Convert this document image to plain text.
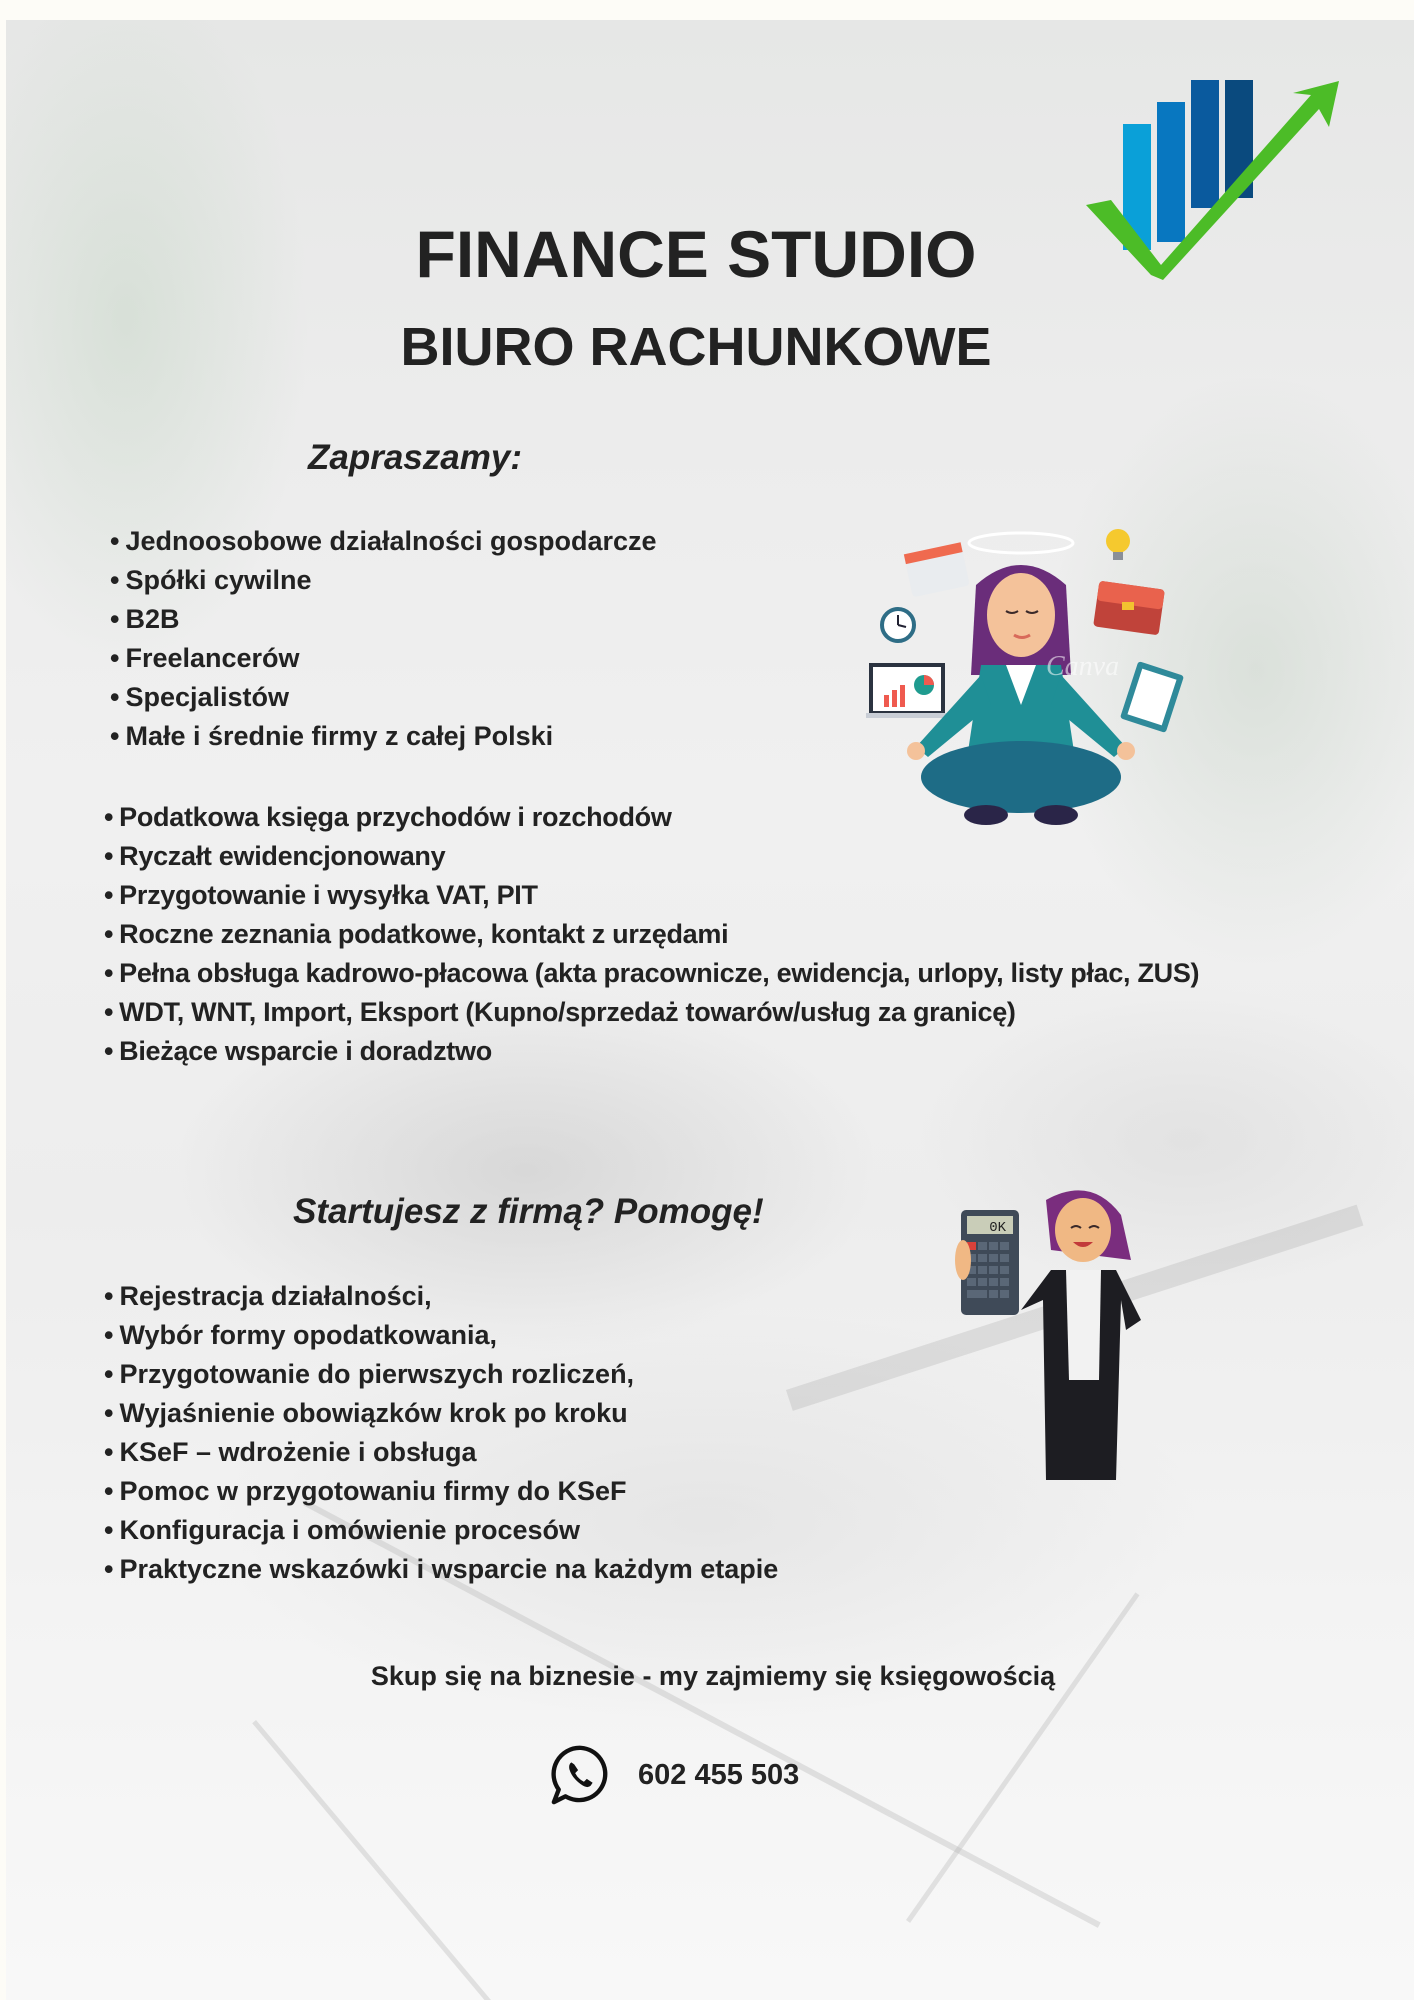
FINANCE STUDIO
BIURO RACHUNKOWE
Zapraszamy:
• Jednoosobowe działalności gospodarcze
• Spółki cywilne
• B2B
• Freelancerów
• Specjalistów
• Małe i średnie firmy z całej Polski
Canva
• Podatkowa księga przychodów i rozchodów
• Ryczałt ewidencjonowany
• Przygotowanie i wysyłka VAT, PIT
• Roczne zeznania podatkowe, kontakt z urzędami
• Pełna obsługa kadrowo-płacowa (akta pracownicze, ewidencja, urlopy, listy płac, ZUS)
• WDT, WNT, Import, Eksport (Kupno/sprzedaż towarów/usług za granicę)
• Bieżące wsparcie i doradztwo
Startujesz z firmą? Pomogę!	0K
• Rejestracja działalności,
• Wybór formy opodatkowania,
• Przygotowanie do pierwszych rozliczeń,
• Wyjaśnienie obowiązków krok po kroku
• KSeF – wdrożenie i obsługa
• Pomoc w przygotowaniu firmy do KSeF
• Konfiguracja i omówienie procesów
• Praktyczne wskazówki i wsparcie na każdym etapie

Skup się na biznesie - my zajmiemy się księgowością

602 455 503
